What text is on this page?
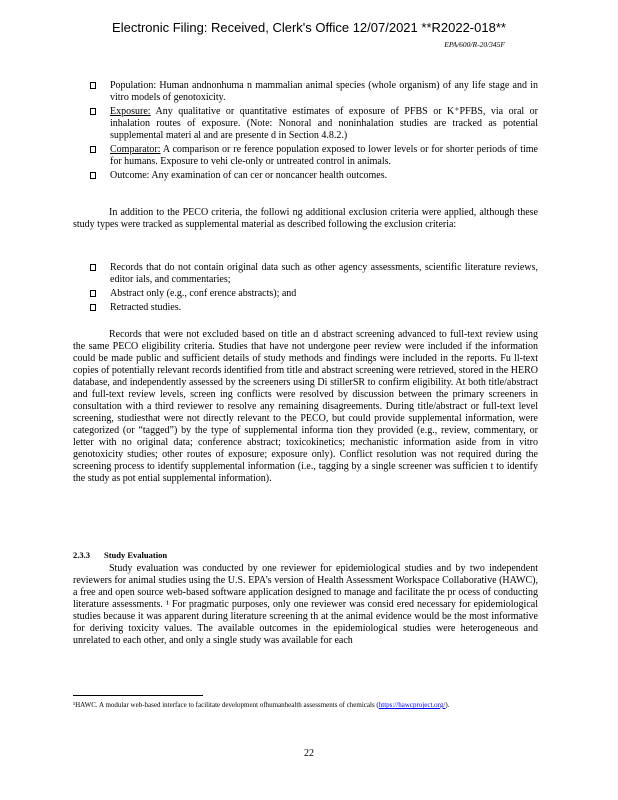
Electronic Filing: Received, Clerk's Office 12/07/2021 **R2022-018**
EPA/600/R-20/345F
Population: Human andnonhuma n mammalian animal species (whole organism) of any life stage and in vitro models of genotoxicity.
Exposure: Any qualitative or quantitative estimates of exposure of PFBS or K⁺PFBS, via oral or inhalation routes of exposure. (Note: Nonoral and noninhalation studies are tracked as potential supplemental materi al and are presente d in Section 4.8.2.)
Comparator: A comparison or re ference population exposed to lower levels or for shorter periods of time for humans. Exposure to vehi cle-only or untreated control in animals.
Outcome: Any examination of can cer or noncancer health outcomes.

In addition to the PECO criteria, the followi ng additional exclusion criteria were applied, although these study types were tracked as supplemental material as described following the exclusion criteria:

Records that do not contain original data such as other agency assessments, scientific literature reviews, editor ials, and commentaries;
Abstract only (e.g., conf erence abstracts); and
Retracted studies.

Records that were not excluded based on title an d abstract screening advanced to full-text review using the same PECO eligibility criteria. Studies that have not undergone peer review were included if the information could be made public and sufficient details of study methods and findings were included in the reports. Fu ll-text copies of potentially relevant records identified from title and abstract screening were retrieved, stored in the HERO database, and independently assessed by the screeners using Di stillerSR to confirm eligibility. At both title/abstract and full-text review levels, screen ing conflicts were resolved by discussion between the primary screeners in consultation with a third reviewer to resolve any remaining disagreements. During title/abstract or full-text level screening, studiesthat were not directly relevant to the PECO, but could provide supplemental information, were categorized (or “tagged”) by the type of supplemental informa tion they provided (e.g., review, commentary, or letter with no original data; conference abstract; toxicokinetics; mechanistic information aside from in vitro genotoxicity studies; other routes of exposure; exposure only). Conflict resolution was not required during the screening process to identify supplemental information (i.e., tagging by a single screener was sufficien t to identify the study as pot ential supplemental information).

2.3.3 Study Evaluation

Study evaluation was conducted by one reviewer for epidemiological studies and by two independent reviewers for animal studies using the U.S. EPA’s version of Health Assessment Workspace Collaborative (HAWC), a free and open source web-based software application designed to manage and facilitate the pr ocess of conducting literature assessments. ¹ For pragmatic purposes, only one reviewer was consid ered necessary for epidemiological studies because it was apparent during literature screening th at the animal evidence would be the most informative for deriving toxicity values. The available outcomes in the epidemiological studies were heterogeneous and unrelated to each other, and only a single study was available for each

¹HAWC. A modular web-based interface to facilitate development ofhumanhealth assessments of chemicals (https://hawcproject.org/).
22
